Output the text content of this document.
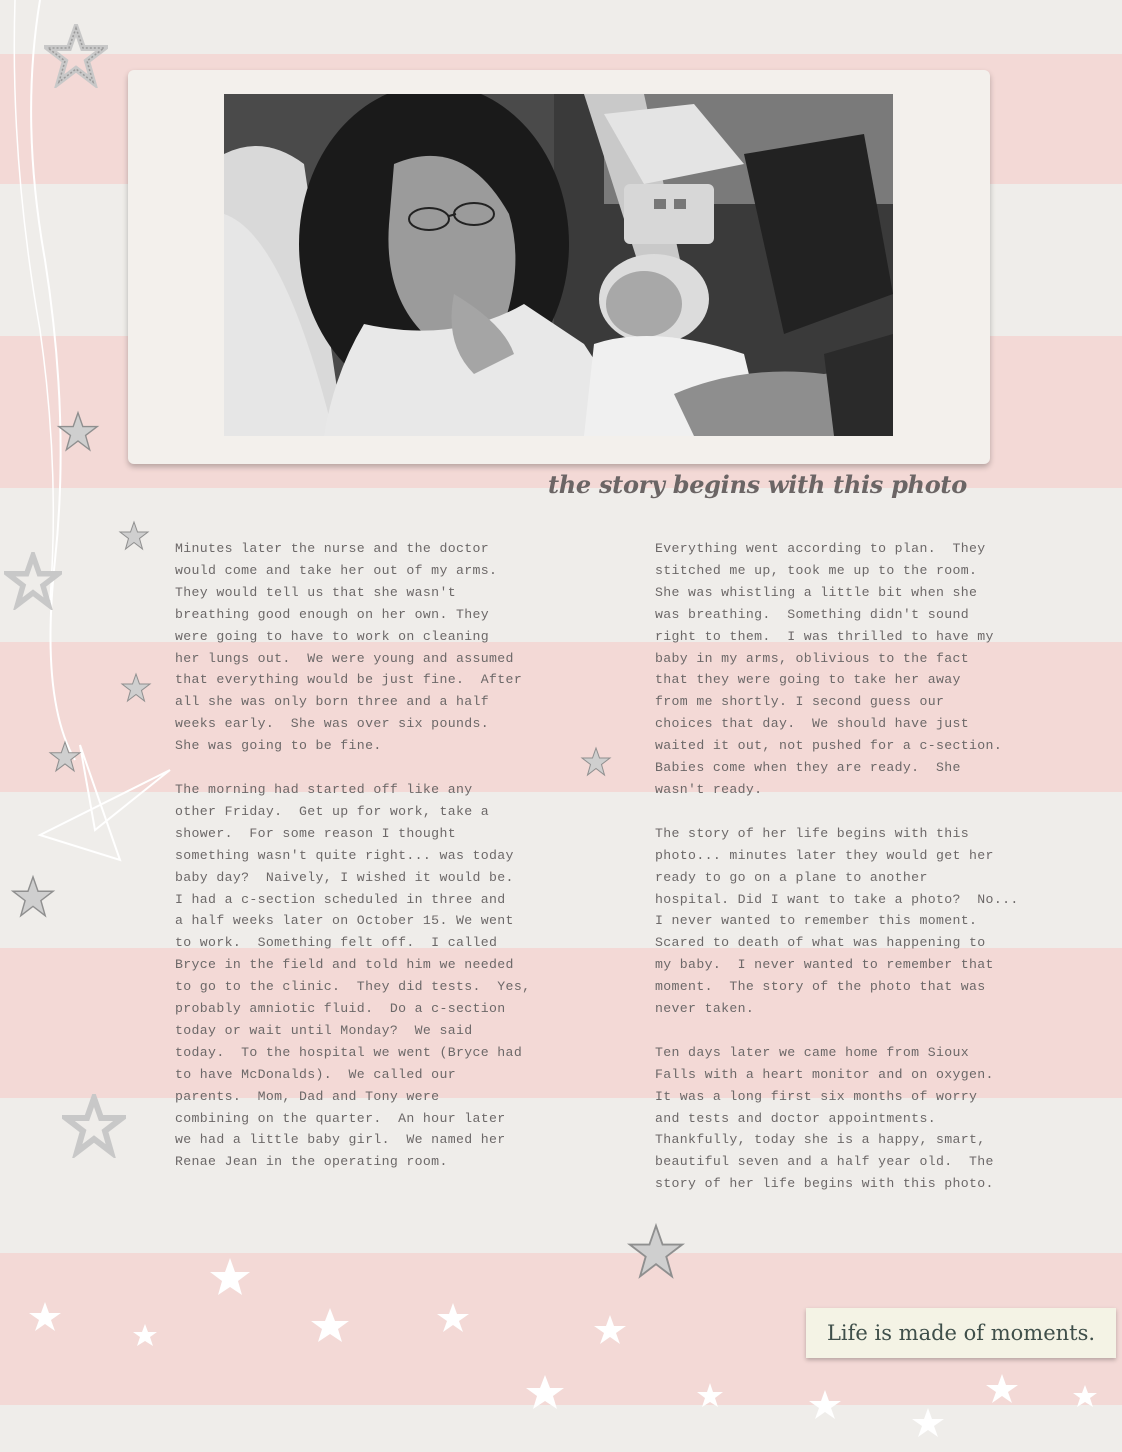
the story begins with this photo
Minutes later the nurse and the doctor
would come and take her out of my arms.
They would tell us that she wasn't
breathing good enough on her own. They
were going to have to work on cleaning
her lungs out.  We were young and assumed
that everything would be just fine.  After
all she was only born three and a half
weeks early.  She was over six pounds.
She was going to be fine.

The morning had started off like any
other Friday.  Get up for work, take a
shower.  For some reason I thought
something wasn't quite right... was today
baby day?  Naively, I wished it would be.
I had a c-section scheduled in three and
a half weeks later on October 15. We went
to work.  Something felt off.  I called
Bryce in the field and told him we needed
to go to the clinic.  They did tests.  Yes,
probably amniotic fluid.  Do a c-section
today or wait until Monday?  We said
today.  To the hospital we went (Bryce had
to have McDonalds).  We called our
parents.  Mom, Dad and Tony were
combining on the quarter.  An hour later
we had a little baby girl.  We named her
Renae Jean in the operating room.
Everything went according to plan.  They
stitched me up, took me up to the room.
She was whistling a little bit when she
was breathing.  Something didn't sound
right to them.  I was thrilled to have my
baby in my arms, oblivious to the fact
that they were going to take her away
from me shortly. I second guess our
choices that day.  We should have just
waited it out, not pushed for a c-section.
Babies come when they are ready.  She
wasn't ready.

The story of her life begins with this
photo... minutes later they would get her
ready to go on a plane to another
hospital. Did I want to take a photo?  No...
I never wanted to remember this moment.
Scared to death of what was happening to
my baby.  I never wanted to remember that
moment.  The story of the photo that was
never taken.

Ten days later we came home from Sioux
Falls with a heart monitor and on oxygen.
It was a long first six months of worry
and tests and doctor appointments.
Thankfully, today she is a happy, smart,
beautiful seven and a half year old.  The
story of her life begins with this photo.
Life is made of moments.
